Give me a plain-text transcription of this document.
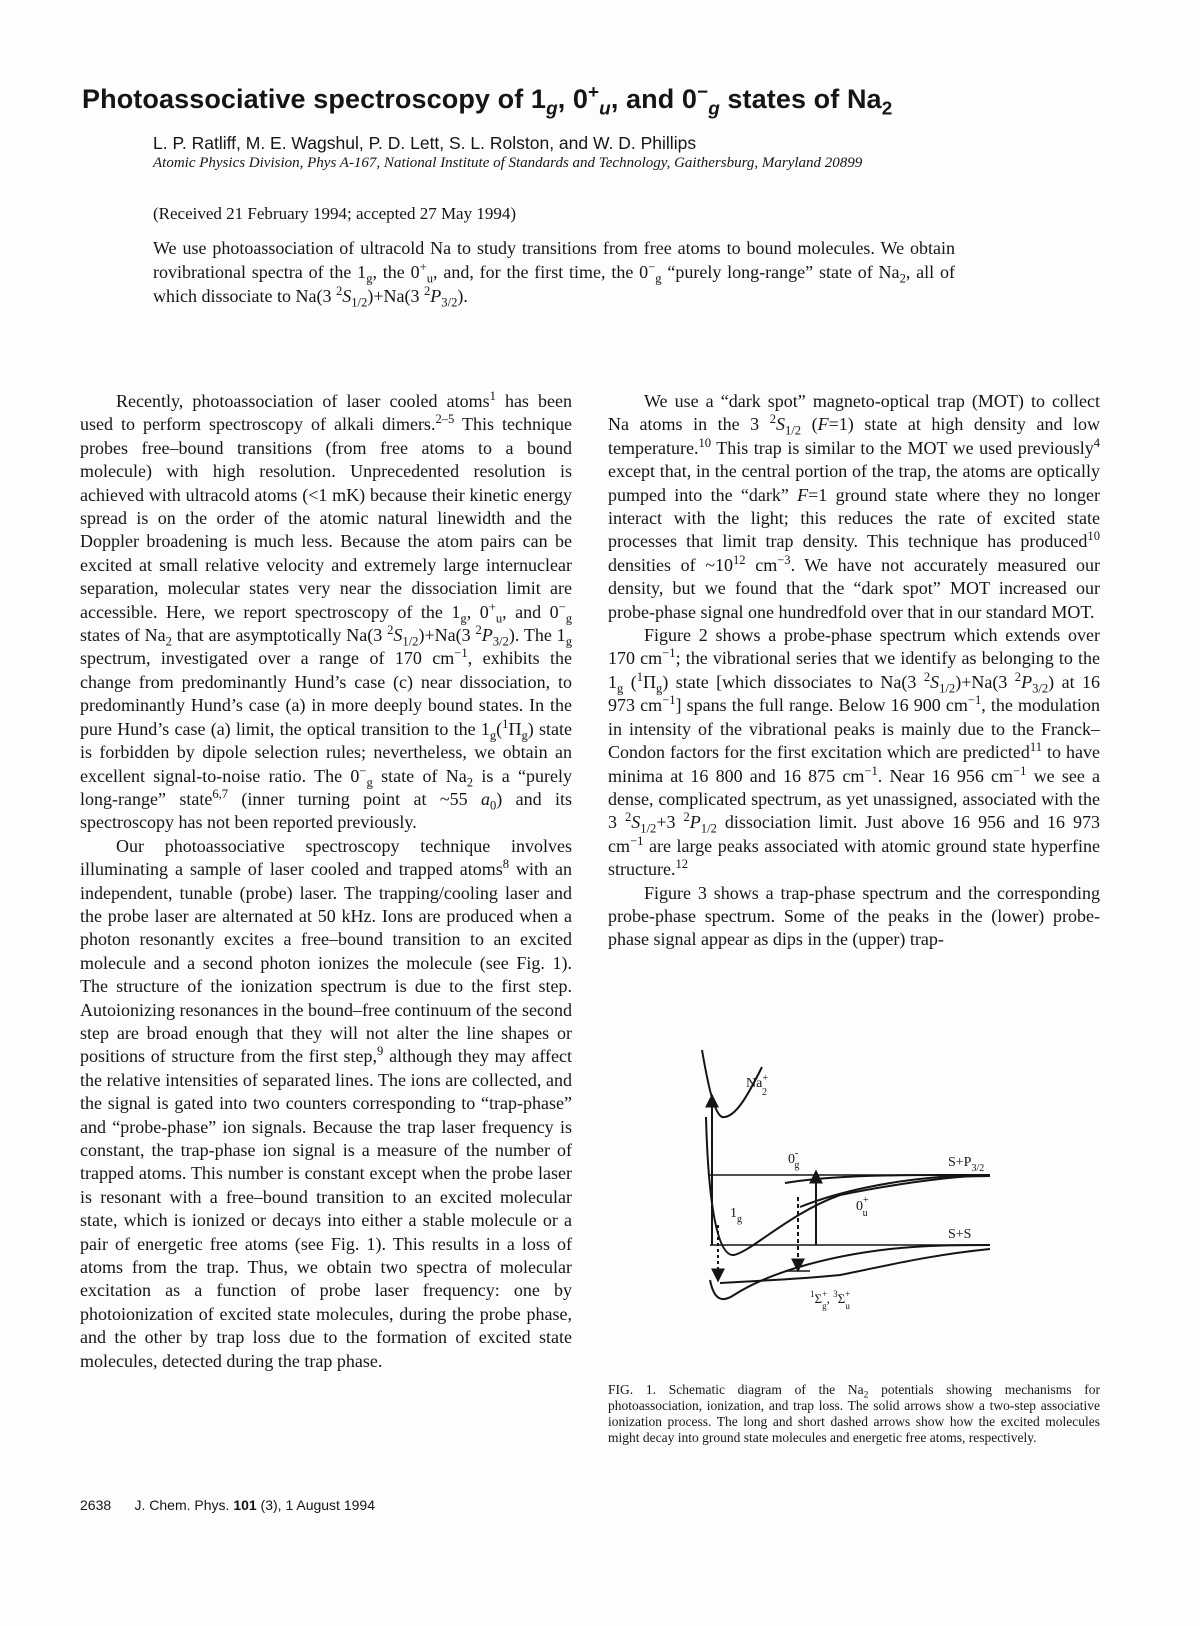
Photoassociative spectroscopy of $1_g$, $0^+_u$, and $0^-_g$ states of $Na_2$
L. P. Ratliff, M. E. Wagshul, P. D. Lett, S. L. Rolston, and W. D. Phillips
Atomic Physics Division, Phys A-167, National Institute of Standards and Technology, Gaithersburg, Maryland 20899
(Received 21 February 1994; accepted 27 May 1994)
We use photoassociation of ultracold Na to study transitions from free atoms to bound molecules. We obtain rovibrational spectra of the $1_g$, the $0^+_u$, and, for the first time, the $0^-_g$ “purely long-range” state of $Na_2$, all of which dissociate to Na(3 $^2S_{1/2})+Na(3$ $^2P_{3/2}$).

Recently, photoassociation of laser cooled atoms$^1$ has been used to perform spectroscopy of alkali dimers.$^{2-5}$ This technique probes free–bound transitions (from free atoms to a bound molecule) with high resolution. Unprecedented resolution is achieved with ultracold atoms (<1 mK) because their kinetic energy spread is on the order of the atomic natural linewidth and the Doppler broadening is much less. Because the atom pairs can be excited at small relative velocity and extremely large internuclear separation, molecular states very near the dissociation limit are accessible. Here, we report spectroscopy of the $1_g$, $0^+_u$, and $0^-_g$ states of $Na_2$ that are asymptotically Na(3 $^2S_{1/2})+Na(3$ $^2P_{3/2}$). The $1_g$ spectrum, investigated over a range of 170 $cm^{-1}$, exhibits the change from predominantly Hund’s case (c) near dissociation, to predominantly Hund’s case (a) in more deeply bound states. In the pure Hund’s case (a) limit, the optical transition to the $1_g(^1\Pi_g)$ state is forbidden by dipole selection rules; nevertheless, we obtain an excellent signal-to-noise ratio. The $0^-_g$ state of $Na_2$ is a “purely long-range” state$^{6,7}$ (inner turning point at ~55 $a_0$) and its spectroscopy has not been reported previously.

Our photoassociative spectroscopy technique involves illuminating a sample of laser cooled and trapped atoms$^8$ with an independent, tunable (probe) laser. The trapping/cooling laser and the probe laser are alternated at 50 kHz. Ions are produced when a photon resonantly excites a free–bound transition to an excited molecule and a second photon ionizes the molecule (see Fig. 1). The structure of the ionization spectrum is due to the first step. Autoionizing resonances in the bound–free continuum of the second step are broad enough that they will not alter the line shapes or positions of structure from the first step,$^9$ although they may affect the relative intensities of separated lines. The ions are collected, and the signal is gated into two counters corresponding to “trap-phase” and “probe-phase” ion signals. Because the trap laser frequency is constant, the trap-phase ion signal is a measure of the number of trapped atoms. This number is constant except when the probe laser is resonant with a free–bound transition to an excited molecular state, which is ionized or decays into either a stable molecule or a pair of energetic free atoms (see Fig. 1). This results in a loss of atoms from the trap. Thus, we obtain two spectra of molecular excitation as a function of probe laser frequency: one by photoionization of excited state molecules, during the probe phase, and the other by trap loss due to the formation of excited state molecules, detected during the trap phase.

We use a “dark spot” magneto-optical trap (MOT) to collect Na atoms in the 3 $^2S_{1/2}$ (F=1) state at high density and low temperature.$^{10}$ This trap is similar to the MOT we used previously$^4$ except that, in the central portion of the trap, the atoms are optically pumped into the “dark” F=1 ground state where they no longer interact with the light; this reduces the rate of excited state processes that limit trap density. This technique has produced$^{10}$ densities of $\sim 10^{12}$ $cm^{-3}$. We have not accurately measured our density, but we found that the “dark spot” MOT increased our probe-phase signal one hundredfold over that in our standard MOT.

Figure 2 shows a probe-phase spectrum which extends over 170 $cm^{-1}$; the vibrational series that we identify as belonging to the $1_g$ $(^1\Pi_g)$ state [which dissociates to Na(3 $^2S_{1/2})+Na(3$ $^2P_{3/2}$) at 16 973 $cm^{-1}$] spans the full range. Below 16 900 $cm^{-1}$, the modulation in intensity of the vibrational peaks is mainly due to the Franck–Condon factors for the first excitation which are predicted$^{11}$ to have minima at 16 800 and 16 875 $cm^{-1}$. Near 16 956 $cm^{-1}$ we see a dense, complicated spectrum, as yet unassigned, associated with the 3 $^2S_{1/2}+3$ $^2P_{1/2}$ dissociation limit. Just above 16 956 and 16 973 $cm^{-1}$ are large peaks associated with atomic ground state hyperfine structure.$^{12}$

Figure 3 shows a trap-phase spectrum and the corresponding probe-phase spectrum. Some of the peaks in the (lower) probe-phase signal appear as dips in the (upper) trap-

Na+ 2
0-g	$S+P_{3/2}$
$1_g$
0+ u
S+S
$^1$Σ+ g, $^3$Σ+ u
FIG. 1. Schematic diagram of the $Na_2$ potentials showing mechanisms for photoassociation, ionization, and trap loss. The solid arrows show a two-step associative ionization process. The long and short dashed arrows show how the excited molecules might decay into ground state molecules and energetic free atoms, respectively.
2638 J. Chem. Phys. 101 (3), 1 August 1994
